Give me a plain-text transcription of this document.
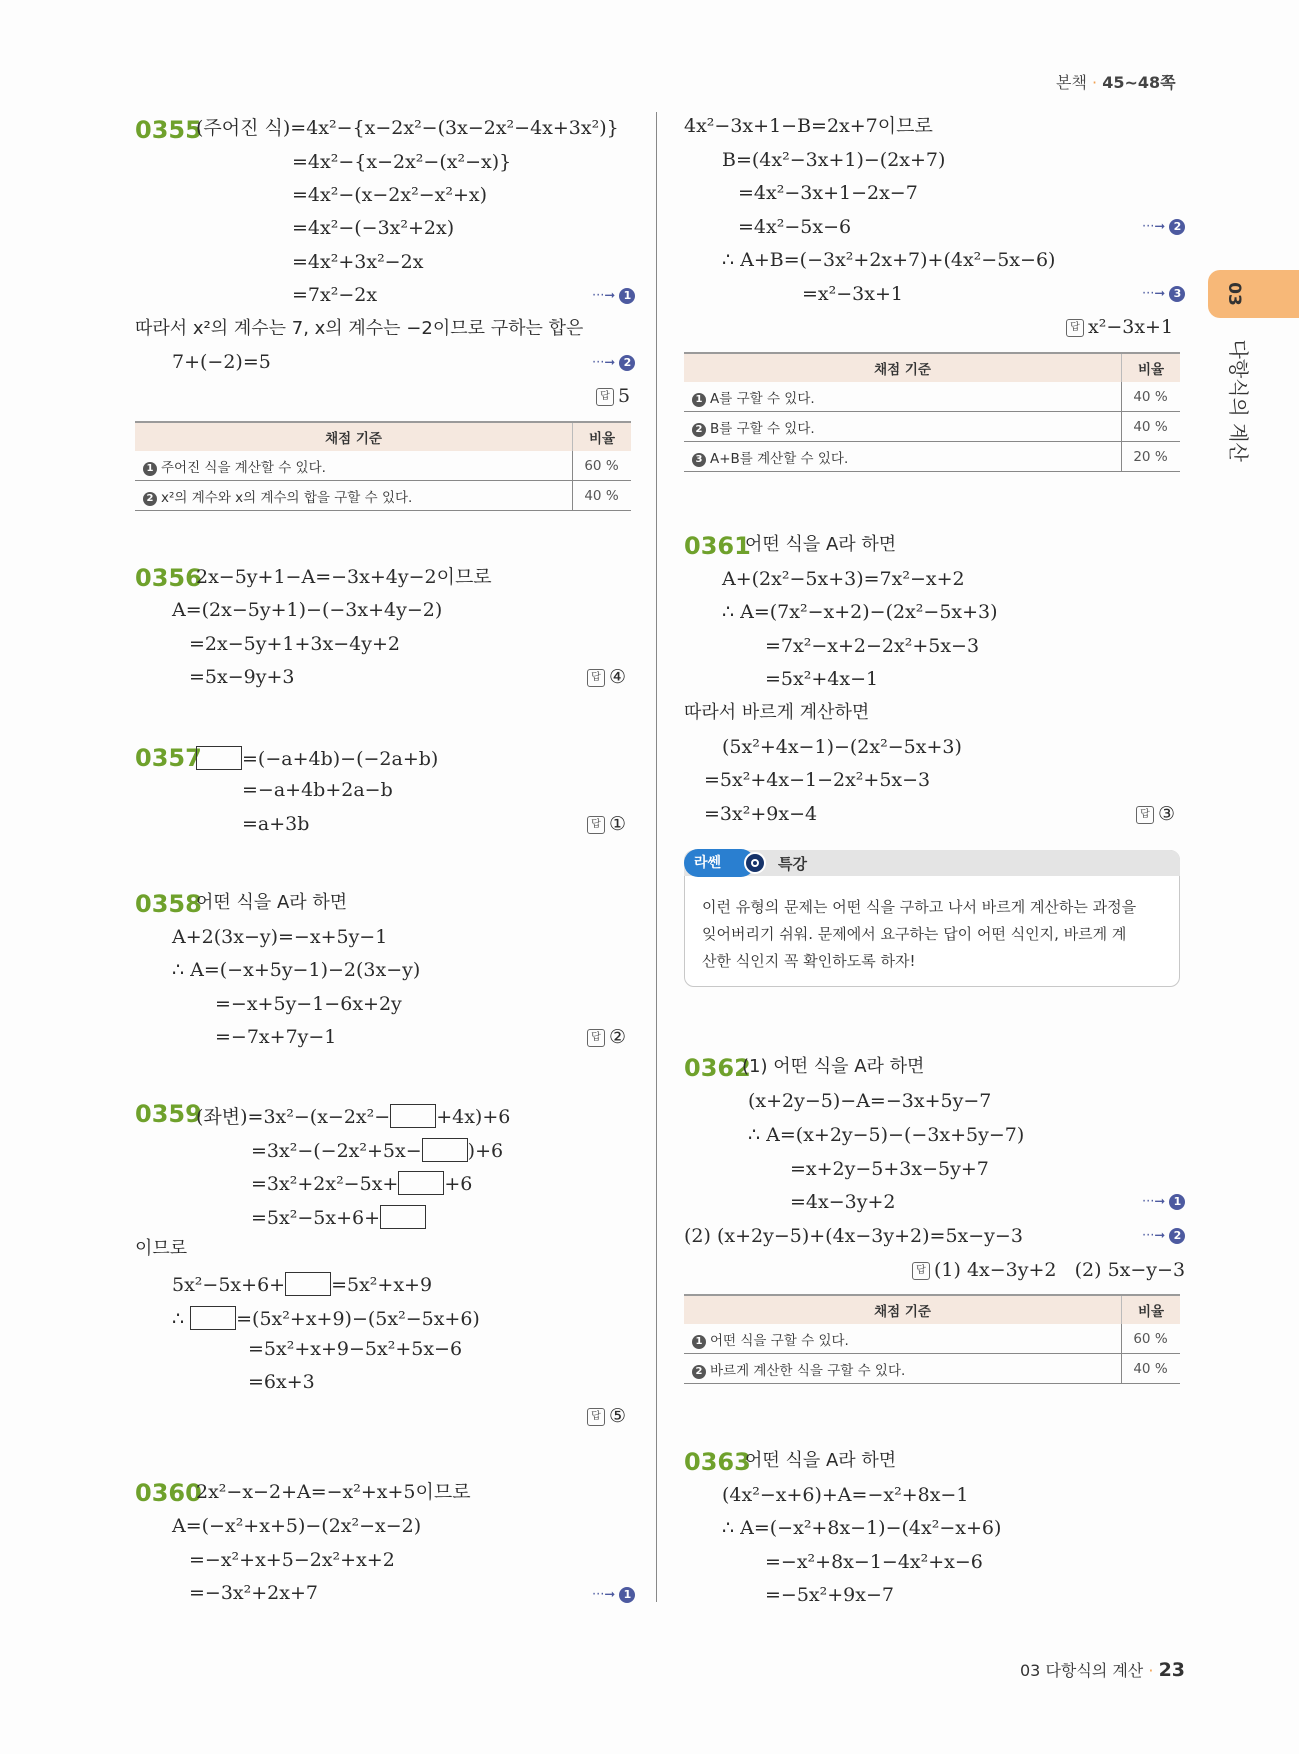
본책 · 45~48쪽
03
다항식의 계산
0355
(주어진 식)=4x²−{x−2x²−(3x−2x²−4x+3x²)}
=4x²−{x−2x²−(x²−x)}
=4x²−(x−2x²−x²+x)
=4x²−(−3x²+2x)
=4x²+3x²−2x
=7x²−2x	···➞ 1
따라서 x²의 계수는 7, x의 계수는 −2이므로 구하는 합은
7+(−2)=5	···➞ 2
답 5
채점 기준	비율
1 주어진 식을 계산할 수 있다.	60 %
2 x²의 계수와 x의 계수의 합을 구할 수 있다.	40 %
0356
2x−5y+1−A=−3x+4y−2이므로
A=(2x−5y+1)−(−3x+4y−2)
=2x−5y+1+3x−4y+2
=5x−9y+3	답 ④
0357	=(−a+4b)−(−2a+b)
=−a+4b+2a−b
=a+3b	답 ①
0358
어떤 식을 A라 하면
A+2(3x−y)=−x+5y−1
∴ A=(−x+5y−1)−2(3x−y)
=−x+5y−1−6x+2y
=−7x+7y−1	답 ②
0359
(좌변)=3x²−(x−2x²− +4x)+6
=3x²−(−2x²+5x− )+6
=3x²+2x²−5x+ +6
=5x²−5x+6+
이므로
5x²−5x+6+ =5x²+x+9
∴	=(5x²+x+9)−(5x²−5x+6)
=5x²+x+9−5x²+5x−6
=6x+3
답 ⑤
0360
2x²−x−2+A=−x²+x+5이므로
A=(−x²+x+5)−(2x²−x−2)
=−x²+x+5−2x²+x+2
=−3x²+2x+7	···➞ 1
4x²−3x+1−B=2x+7이므로
B=(4x²−3x+1)−(2x+7)
=4x²−3x+1−2x−7
=4x²−5x−6	···➞ 2
∴ A+B=(−3x²+2x+7)+(4x²−5x−6)
=x²−3x+1	···➞ 3
답 x²−3x+1
채점 기준	비율
1 A를 구할 수 있다.	40 %
2 B를 구할 수 있다.	40 %
3 A+B를 계산할 수 있다.	20 %
0361
어떤 식을 A라 하면
A+(2x²−5x+3)=7x²−x+2
∴ A=(7x²−x+2)−(2x²−5x+3)
=7x²−x+2−2x²+5x−3
=5x²+4x−1
따라서 바르게 계산하면
(5x²+4x−1)−(2x²−5x+3)
=5x²+4x−1−2x²+5x−3
=3x²+9x−4	답 ③
라쎈	특강
이런 유형의 문제는 어떤 식을 구하고 나서 바르게 계산하는 과정을
잊어버리기 쉬워. 문제에서 요구하는 답이 어떤 식인지, 바르게 계
산한 식인지 꼭 확인하도록 하자!
0362
(1) 어떤 식을 A라 하면
(x+2y−5)−A=−3x+5y−7
∴ A=(x+2y−5)−(−3x+5y−7)
=x+2y−5+3x−5y+7
=4x−3y+2	···➞ 1
(2) (x+2y−5)+(4x−3y+2)=5x−y−3	···➞ 2
답 (1) 4x−3y+2   (2) 5x−y−3
채점 기준	비율
1 어떤 식을 구할 수 있다.	60 %
2 바르게 계산한 식을 구할 수 있다.	40 %
0363
어떤 식을 A라 하면
(4x²−x+6)+A=−x²+8x−1
∴ A=(−x²+8x−1)−(4x²−x+6)
=−x²+8x−1−4x²+x−6
=−5x²+9x−7
03 다항식의 계산 · 23
